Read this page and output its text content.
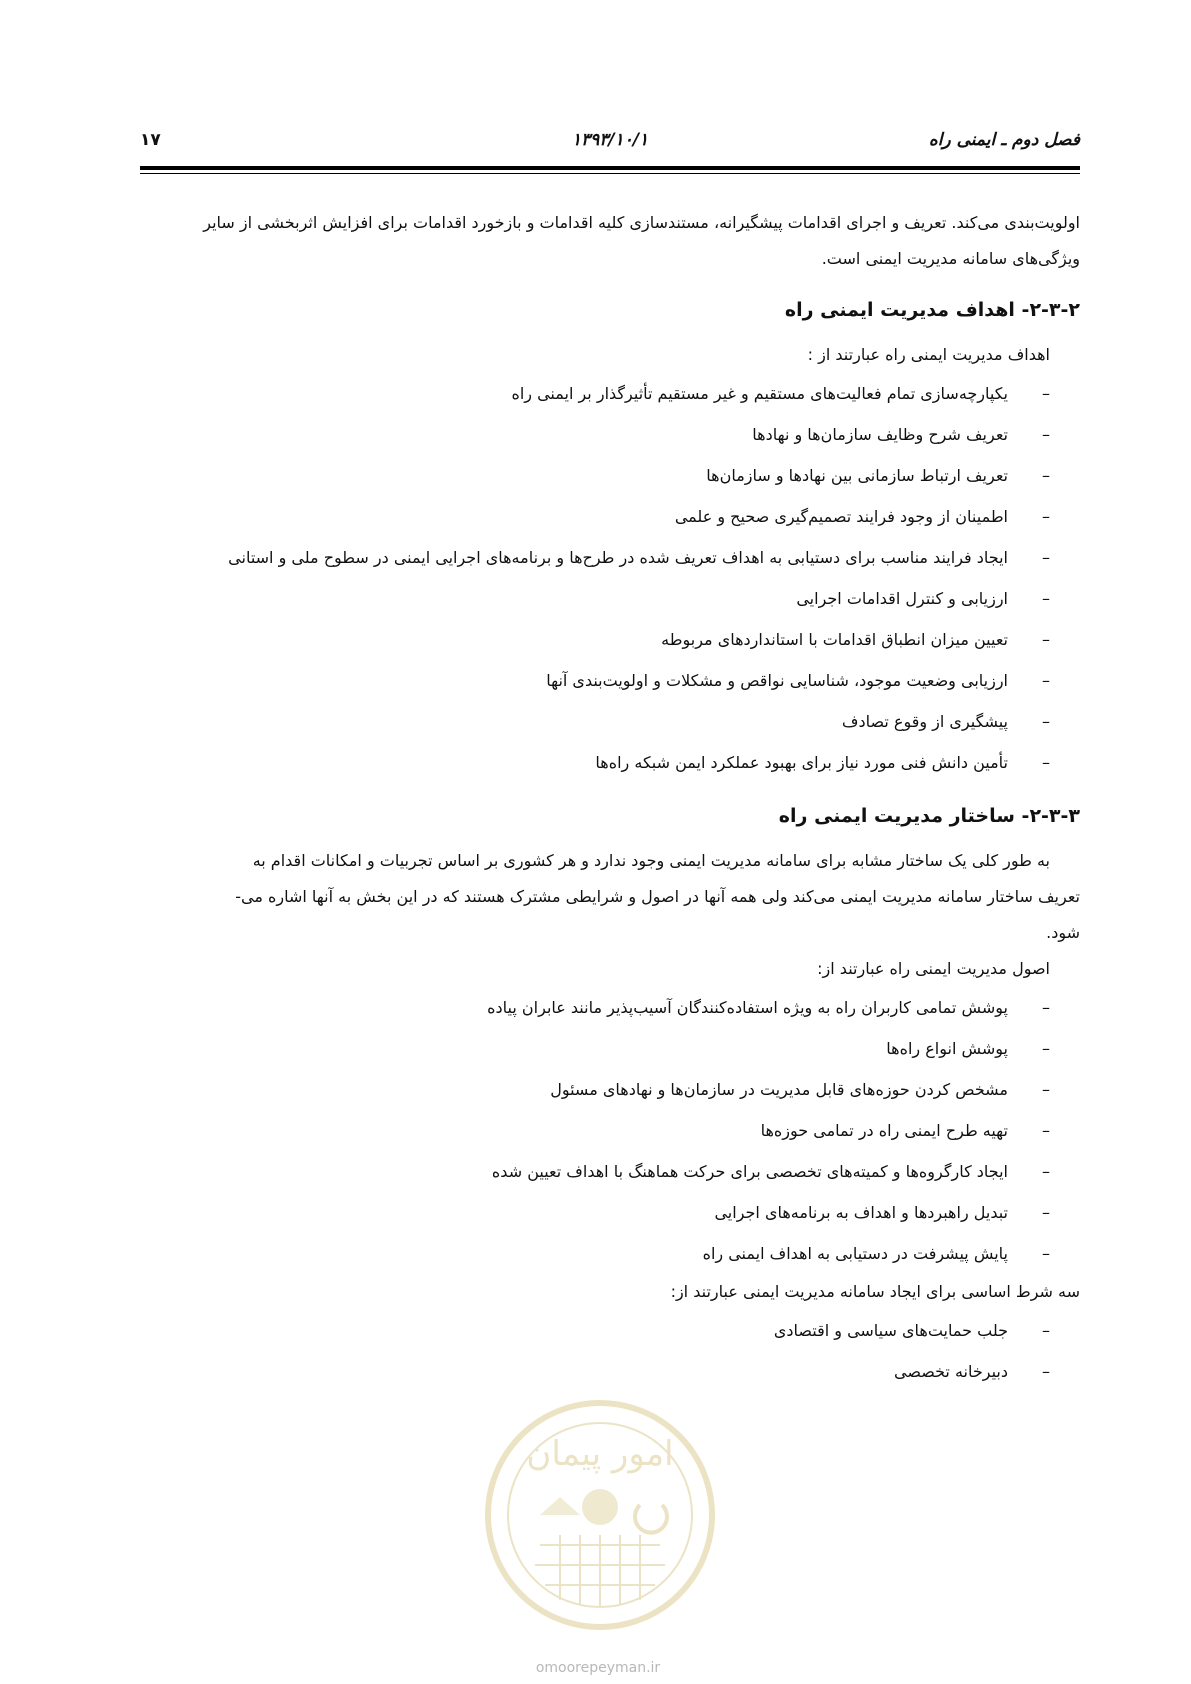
فصل دوم ـ ایمنی راه
۱۳۹۳/۱۰/۱
۱۷

اولویت‌بندی می‌کند. تعریف و اجرای اقدامات پیشگیرانه، مستندسازی کلیه اقدامات و بازخورد اقدامات برای افزایش اثربخشی از سایر

ویژگی‌های سامانه مدیریت ایمنی است.

۲-۳-۲- اهداف مدیریت ایمنی راه

اهداف مدیریت ایمنی راه عبارتند از :

– یکپارچه‌سازی تمام فعالیت‌های مستقیم و غیر مستقیم تأثیرگذار بر ایمنی راه
– تعریف شرح وظایف سازمان‌ها و نهادها
– تعریف ارتباط سازمانی بین نهادها و سازمان‌ها
– اطمینان از وجود فرایند تصمیم‌گیری صحیح و علمی
– ایجاد فرایند مناسب برای دستیابی به اهداف تعریف شده در طرح‌ها و برنامه‌های اجرایی ایمنی در سطوح ملی و استانی
– ارزیابی و کنترل اقدامات اجرایی
– تعیین میزان انطباق اقدامات با استانداردهای مربوطه
– ارزیابی وضعیت موجود، شناسایی نواقص و مشکلات و اولویت‌بندی آنها
– پیشگیری از وقوع تصادف
– تأمین دانش فنی مورد نیاز برای بهبود عملکرد ایمن شبکه راه‌ها
۲-۳-۳- ساختار مدیریت ایمنی راه

به طور کلی یک ساختار مشابه برای سامانه مدیریت ایمنی وجود ندارد و هر کشوری بر اساس تجربیات و امکانات اقدام به

تعریف ساختار سامانه مدیریت ایمنی می‌کند ولی همه آنها در اصول و شرایطی مشترک هستند که در این بخش به آنها اشاره می-

شود.

اصول مدیریت ایمنی راه عبارتند از:

– پوشش تمامی کاربران راه به ویژه استفاده‌کنندگان آسیب‌پذیر مانند عابران پیاده
– پوشش انواع راه‌ها
– مشخص کردن حوزه‌های قابل مدیریت در سازمان‌ها و نهادهای مسئول
– تهیه طرح ایمنی راه در تمامی حوزه‌ها
– ایجاد کارگروه‌ها و کمیته‌های تخصصی برای حرکت هماهنگ با اهداف تعیین شده
– تبدیل راهبردها و اهداف به برنامه‌های اجرایی
– پایش پیشرفت در دستیابی به اهداف ایمنی راه

سه شرط اساسی برای ایجاد سامانه مدیریت ایمنی عبارتند از:

– جلب حمایت‌های سیاسی و اقتصادی
– دبیرخانه تخصصی
امور پیمان
omoorepeyman.ir
